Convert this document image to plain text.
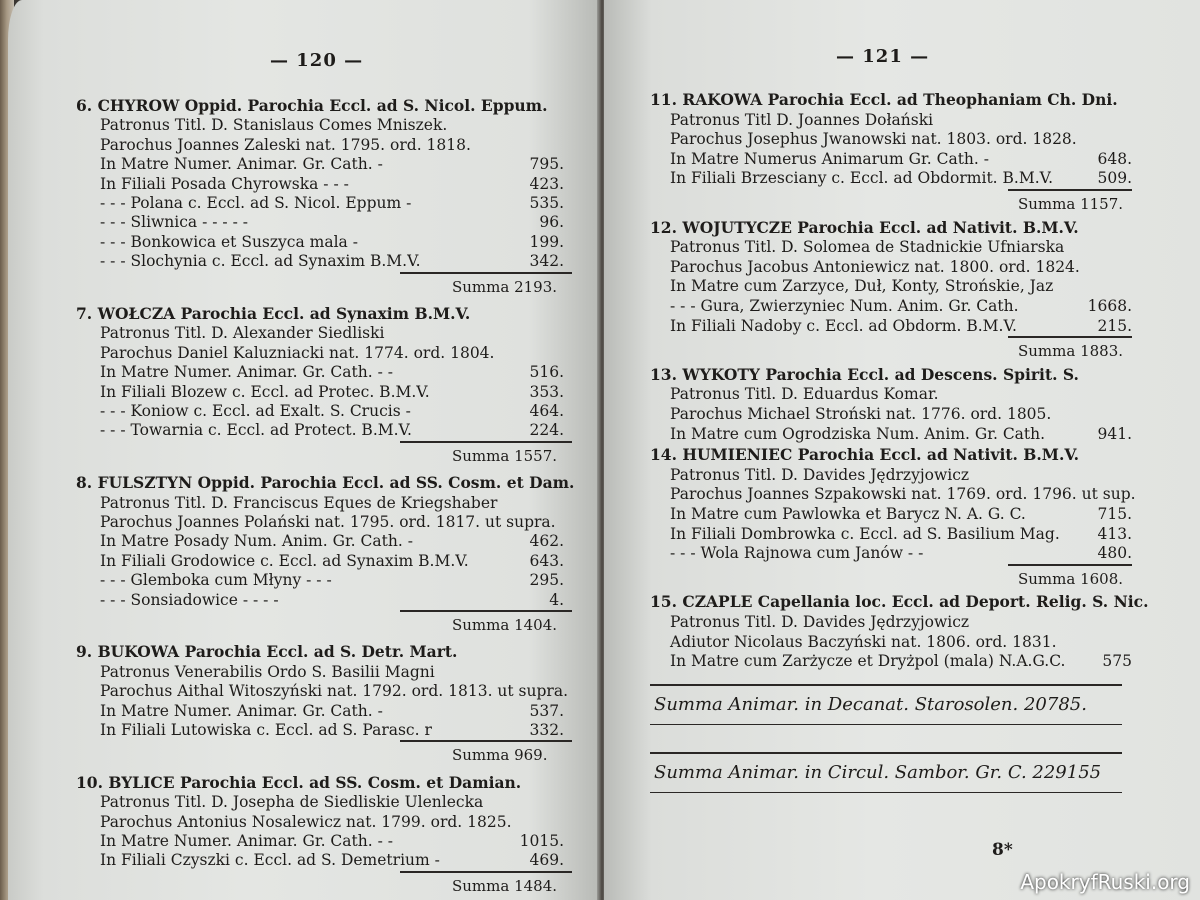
— 120 —
6. CHYROW Oppid. Parochia Eccl. ad S. Nicol. Eppum.
Patronus Titl. D. Stanislaus Comes Mniszek.
Parochus Joannes Zaleski nat. 1795. ord. 1818.
In Matre Numer. Animar. Gr. Cath. -	795.
In Filiali Posada Chyrowska - - -	423.
- - - Polana c. Eccl. ad S. Nicol. Eppum -	535.
- - - Sliwnica - - - - -	96.
- - - Bonkowica et Suszyca mala -	199.
- - - Slochynia c. Eccl. ad Synaxim B.M.V.	342.
Summa 2193.
7. WOŁCZA Parochia Eccl. ad Synaxim B.M.V.
Patronus Titl. D. Alexander Siedliski
Parochus Daniel Kaluzniacki nat. 1774. ord. 1804.
In Matre Numer. Animar. Gr. Cath. - -	516.
In Filiali Blozew c. Eccl. ad Protec. B.M.V.	353.
- - - Koniow c. Eccl. ad Exalt. S. Crucis -	464.
- - - Towarnia c. Eccl. ad Protect. B.M.V.	224.
Summa 1557.
8. FULSZTYN Oppid. Parochia Eccl. ad SS. Cosm. et Dam.
Patronus Titl. D. Franciscus Eques de Kriegshaber
Parochus Joannes Polański nat. 1795. ord. 1817. ut supra.
In Matre Posady Num. Anim. Gr. Cath. -	462.
In Filiali Grodowice c. Eccl. ad Synaxim B.M.V.	643.
- - - Glemboka cum Młyny - - -	295.
- - - Sonsiadowice - - - -	4.
Summa 1404.
9. BUKOWA Parochia Eccl. ad S. Detr. Mart.
Patronus Venerabilis Ordo S. Basilii Magni
Parochus Aithal Witoszyński nat. 1792. ord. 1813. ut supra.
In Matre Numer. Animar. Gr. Cath. -	537.
In Filiali Lutowiska c. Eccl. ad S. Parasc. r	332.
Summa 969.
10. BYLICE Parochia Eccl. ad SS. Cosm. et Damian.
Patronus Titl. D. Josepha de Siedliskie Ulenlecka
Parochus Antonius Nosalewicz nat. 1799. ord. 1825.
In Matre Numer. Animar. Gr. Cath. - -	1015.
In Filiali Czyszki c. Eccl. ad S. Demetrium -	469.
Summa 1484.
— 121 —
11. RAKOWA Parochia Eccl. ad Theophaniam Ch. Dni.
Patronus Titl D. Joannes Dołański
Parochus Josephus Jwanowski nat. 1803. ord. 1828.
In Matre Numerus Animarum Gr. Cath. -	648.
In Filiali Brzesciany c. Eccl. ad Obdormit. B.M.V.	509.
Summa 1157.
12. WOJUTYCZE Parochia Eccl. ad Nativit. B.M.V.
Patronus Titl. D. Solomea de Stadnickie Ufniarska
Parochus Jacobus Antoniewicz nat. 1800. ord. 1824.
In Matre cum Zarzyce, Duł, Konty, Strońskie, Jaz
- - - Gura, Zwierzyniec Num. Anim. Gr. Cath.	1668.
In Filiali Nadoby c. Eccl. ad Obdorm. B.M.V.	215.
Summa 1883.
13. WYKOTY Parochia Eccl. ad Descens. Spirit. S.
Patronus Titl. D. Eduardus Komar.
Parochus Michael Stroński nat. 1776. ord. 1805.
In Matre cum Ogrodziska Num. Anim. Gr. Cath.	941.
14. HUMIENIEC Parochia Eccl. ad Nativit. B.M.V.
Patronus Titl. D. Davides Jędrzyjowicz
Parochus Joannes Szpakowski nat. 1769. ord. 1796. ut sup.
In Matre cum Pawlowka et Barycz N. A. G. C.	715.
In Filiali Dombrowka c. Eccl. ad S. Basilium Mag.	413.
- - - Wola Rajnowa cum Janów - -	480.
Summa 1608.
15. CZAPLE Capellania loc. Eccl. ad Deport. Relig. S. Nic.
Patronus Titl. D. Davides Jędrzyjowicz
Adiutor Nicolaus Baczyński nat. 1806. ord. 1831.
In Matre cum Zarżycze et Dryżpol (mala) N.A.G.C.	575
Summa Animar. in Decanat. Starosolen. 20785.
Summa Animar. in Circul. Sambor. Gr. C. 229155
8*
ApokryfRuski.org
